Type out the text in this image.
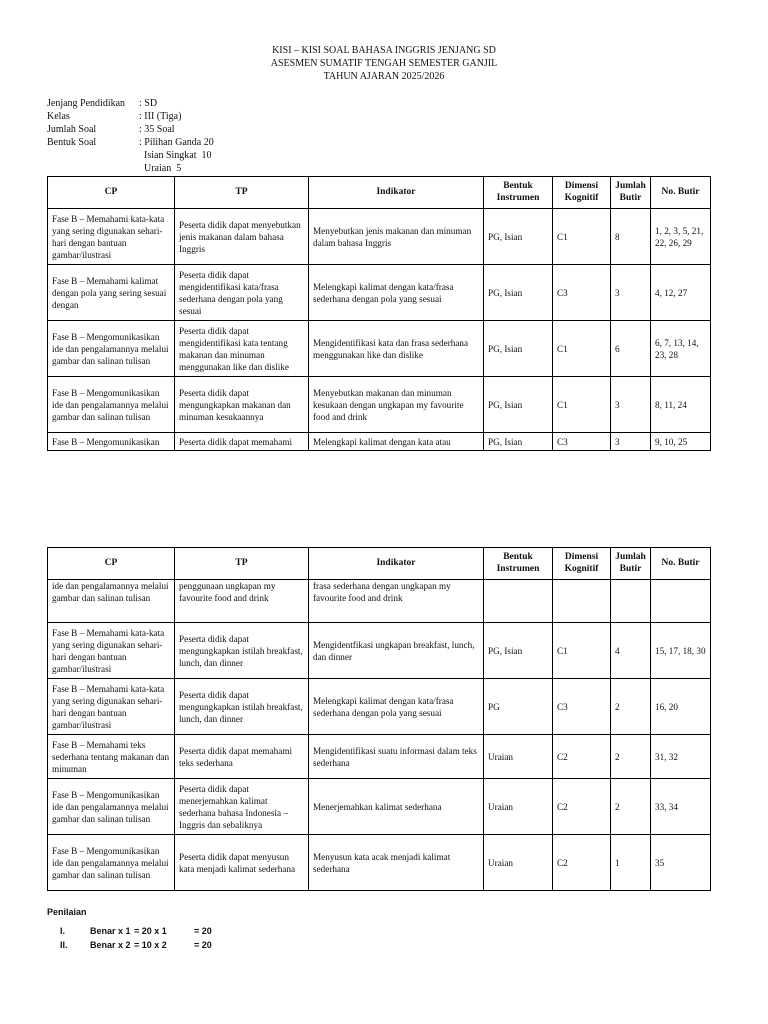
KISI – KISI SOAL BAHASA INGGRIS JENJANG SD
ASESMEN SUMATIF TENGAH SEMESTER GANJIL
TAHUN AJARAN 2025/2026
Jenjang Pendidikan	: SD
Kelas	: III (Tiga)
Jumlah Soal	: 35 Soal
Bentuk Soal	: Pilihan Ganda 20
Isian Singkat  10
Uraian  5
CP	TP	Indikator	Bentuk Instrumen	Dimensi Kognitif	Jumlah Butir	No. Butir
Fase B – Memahami kata-kata yang sering digunakan sehari-hari dengan bantuan gambar/ilustrasi	Peserta didik dapat menyebutkan jenis makanan dalam bahasa Inggris	Menyebutkan jenis makanan dan minuman dalam bahasa Inggris	PG, Isian	C1	8	1, 2, 3, 5, 21, 22, 26, 29
Fase B – Memahami kalimat dengan pola yang sering sesuai dengan	Peserta didik dapat mengidentifikasi kata/frasa sederhana dengan pola yang sesuai	Melengkapi kalimat dengan kata/frasa sederhana dengan pola yang sesuai	PG, Isian	C3	3	4, 12, 27
Fase B – Mengomunikasikan ide dan pengalamannya melalui gambar dan salinan tulisan	Peserta didik dapat mengidentifikasi kata tentang makanan dan minuman menggunakan like dan dislike	Mengidentifikasi kata dan frasa sederhana menggunakan like dan dislike	PG, Isian	C1	6	6, 7, 13, 14, 23, 28
Fase B – Mengomunikasikan ide dan pengalamannya melalui gambar dan salinan tulisan	Peserta didik dapat mengungkapkan makanan dan minuman kesukaannya	Menyebutkan makanan dan minuman kesukaan dengan ungkapan my favourite food and drink	PG, Isian	C1	3	8, 11, 24
Fase B – Mengomunikasikan	Peserta didik dapat memahami	Melengkapi kalimat dengan kata atau	PG, Isian	C3	3	9, 10, 25
CP	TP	Indikator	Bentuk Instrumen	Dimensi Kognitif	Jumlah Butir	No. Butir
ide dan pengalamannya melalui gambar dan salinan tulisan	penggunaan ungkapan my favourite food and drink	frasa sederhana dengan ungkapan my favourite food and drink				
Fase B – Memahami kata-kata yang sering digunakan sehari-hari dengan bantuan gambar/ilustrasi	Peserta didik dapat mengungkapkan istilah breakfast, lunch, dan dinner	Mengidentfikasi ungkapan breakfast, lunch, dan dinner	PG, Isian	C1	4	15, 17, 18, 30
Fase B – Memahami kata-kata yang sering digunakan sehari-hari dengan bantuan gambar/ilustrasi	Peserta didik dapat mengungkapkan istilah breakfast, lunch, dan dinner	Melengkapi kalimat dengan kata/frasa sederhana dengan pola yang sesuai	PG	C3	2	16, 20
Fase B – Memahami teks sederhana tentang makanan dan minuman	Peserta didik dapat memahami teks sederhana	Mengidentifikasi suatu informasi dalam teks sederhana	Uraian	C2	2	31, 32
Fase B – Mengomunikasikan ide dan pengalamannya melalui gambar dan salinan tulisan	Peserta didik dapat menerjemahkan kalimat sederhana bahasa Indonesia – Inggris dan sebaliknya	Menerjemahkan kalimat sederhana	Uraian	C2	2	33, 34
Fase B – Mengomunikasikan ide dan pengalamannya melalui gambar dan salinan tulisan	Peserta didik dapat menyusun kata menjadi kalimat sederhana	Menyusun kata acak menjadi kalimat sederhana	Uraian	C2	1	35
Penilaian
I.	Benar x 1 = 20 x 1	= 20
II.	Benar x 2 = 10 x 2	= 20
